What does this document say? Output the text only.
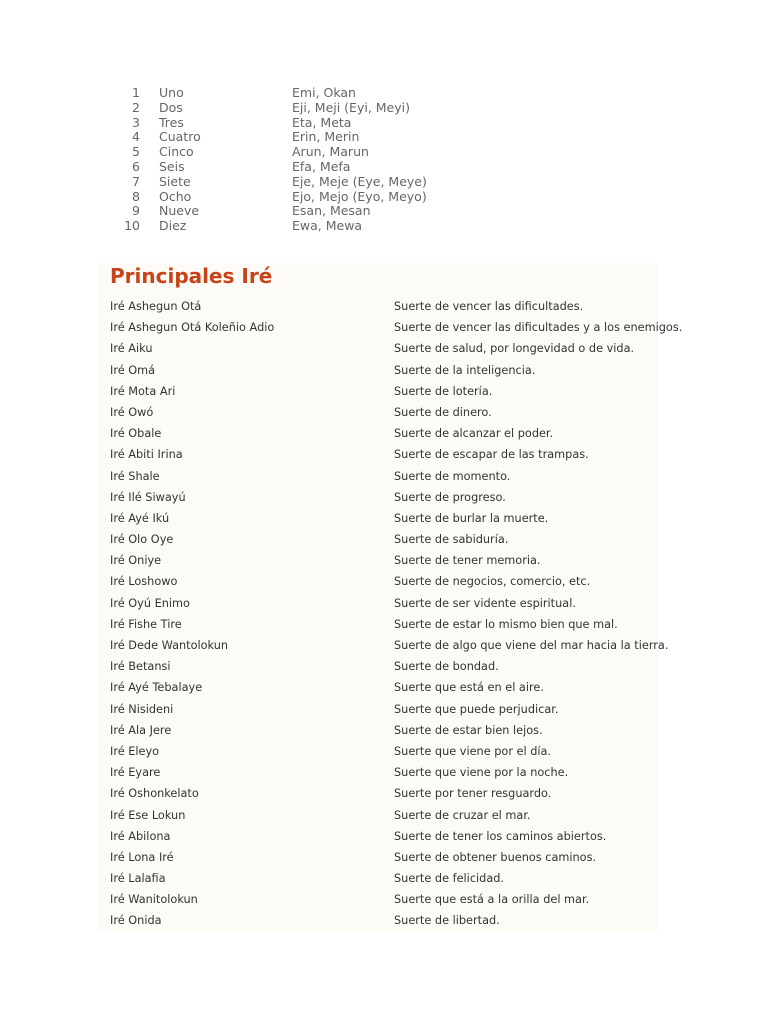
1 Uno	Emi, Okan
2 Dos	Eji, Meji (Eyi, Meyi)
3 Tres	Eta, Meta
4 Cuatro	Erin, Merin
5 Cinco	Arun, Marun
6 Seis	Efa, Mefa
7 Siete	Eje, Meje (Eye, Meye)
8 Ocho	Ejo, Mejo (Eyo, Meyo)
9 Nueve	Esan, Mesan
10 Diez	Ewa, Mewa
Principales Iré
Iré Ashegun Otá	Suerte de vencer las dificultades.
Iré Ashegun Otá Koleñio Adio	Suerte de vencer las dificultades y a los enemigos.
Iré Aiku	Suerte de salud, por longevidad o de vida.
Iré Omá	Suerte de la inteligencia.
Iré Mota Ari	Suerte de lotería.
Iré Owó	Suerte de dinero.
Iré Obale	Suerte de alcanzar el poder.
Iré Abiti Irina	Suerte de escapar de las trampas.
Iré Shale	Suerte de momento.
Iré Ilé Siwayú	Suerte de progreso.
Iré Ayé Ikú	Suerte de burlar la muerte.
Iré Olo Oye	Suerte de sabiduría.
Iré Oniye	Suerte de tener memoria.
Iré Loshowo	Suerte de negocios, comercio, etc.
Iré Oyú Enimo	Suerte de ser vidente espiritual.
Iré Fishe Tire	Suerte de estar lo mismo bien que mal.
Iré Dede Wantolokun	Suerte de algo que viene del mar hacia la tierra.
Iré Betansi	Suerte de bondad.
Iré Ayé Tebalaye	Suerte que está en el aire.
Iré Nisideni	Suerte que puede perjudicar.
Iré Ala Jere	Suerte de estar bien lejos.
Iré Eleyo	Suerte que viene por el día.
Iré Eyare	Suerte que viene por la noche.
Iré Oshonkelato	Suerte por tener resguardo.
Iré Ese Lokun	Suerte de cruzar el mar.
Iré Abilona	Suerte de tener los caminos abiertos.
Iré Lona Iré	Suerte de obtener buenos caminos.
Iré Lalafia	Suerte de felicidad.
Iré Wanitolokun	Suerte que está a la orilla del mar.
Iré Onida	Suerte de libertad.
